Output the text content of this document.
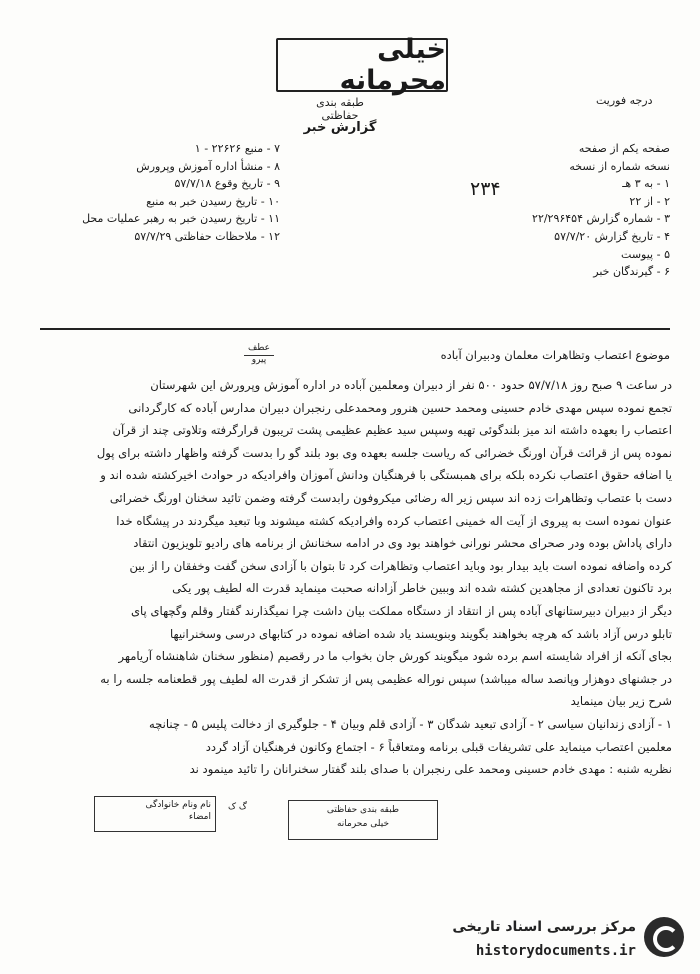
خیلی محرمانه
درجه فوریت
طبقه بندی حفاظتی
گزارش خبر
صفحه یکم از صفحه
نسخه شماره از نسخه
۱ - به ۳ هـ
۲ - از ۲۲
۳ - شماره گزارش ۲۲/۲۹۶۴۵۴
۴ - تاریخ گزارش ۵۷/۷/۲۰
۵ - پیوست
۶ - گیرندگان خبر
۲۳۴
۷ - منبع ۲۲۶۲۶ - ۱
۸ - منشأ اداره آموزش وپرورش
۹ - تاریخ وقوع ۵۷/۷/۱۸
۱۰ - تاریخ رسیدن خبر به منبع
۱۱ - تاریخ رسیدن خبر به رهبر عملیات محل
۱۲ - ملاحظات حفاظتی ۵۷/۷/۲۹
عطف
پیرو	موضوع اعتصاب وتظاهرات معلمان ودبیران آباده
در ساعت ۹ صبح روز ۵۷/۷/۱۸ حدود ۵۰۰ نفر از دبیران ومعلمین آباده در اداره آموزش وپرورش این شهرستان
تجمع نموده سپس مهدی خادم حسینی ومحمد حسین هنرور ومحمدعلی رنجبران دبیران مدارس آباده که کارگردانی
اعتصاب را بعهده داشته اند میز بلندگوئی تهیه وسپس سید عظیم عظیمی پشت تریبون قرارگرفته وتلاوتی چند از قرآن
نموده پس از قرائت قرآن اورنگ خضرائی که ریاست جلسه بعهده وی بود بلند گو را بدست گرفته واظهار داشته برای پول
یا اضافه حقوق اعتصاب نکرده بلکه برای همبستگی با فرهنگیان ودانش آموزان وافرادیکه در حوادث اخیرکشته شده اند و
دست با عتصاب وتظاهرات زده اند سپس زیر اله رضائی میکروفون رابدست گرفته وضمن تائید سخنان اورنگ خضرائی
عنوان نموده است به پیروی از آیت اله خمینی اعتصاب کرده وافرادیکه کشته میشوند وبا تبعید میگردند در پیشگاه خدا
دارای پاداش بوده ودر صحرای محشر نورانی خواهند بود وی در ادامه سخنانش از برنامه های رادیو تلویزیون انتقاد
کرده واضافه نموده است باید بیدار بود وباید اعتصاب وتظاهرات کرد تا بتوان با آزادی سخن گفت وخفقان را از بین
برد تاکنون تعدادی از مجاهدین کشته شده اند وببین خاطر آزادانه صحبت مینماید قدرت اله لطیف پور یکی
دیگر از دبیران دبیرستانهای آباده پس از انتقاد از دستگاه مملکت بیان داشت چرا نمیگذارند گفتار وقلم وگچهای پای
تابلو درس آزاد باشد که هرچه بخواهند بگویند وبنویسند یاد شده اضافه نموده در کتابهای درسی وسخنرانیها
بجای آنکه از افراد شایسته اسم برده شود میگویند کورش جان بخواب ما در رقصیم (منظور سخنان شاهنشاه آریامهر
در جشنهای دوهزار وپانصد ساله میباشد) سپس نوراله عظیمی پس از تشکر از قدرت اله لطیف پور قطعنامه جلسه را به
شرح زیر بیان مینماید
۱ - آزادی زندانیان سیاسی ۲ - آزادی تبعید شدگان ۳ - آزادی قلم وبیان ۴ - جلوگیری از دخالت پلیس ۵ - چنانچه
معلمین اعتصاب مینماید علی تشریفات قبلی برنامه ومتعاقباً ۶ - اجتماع وکانون فرهنگیان آزاد گردد
نظریه شنبه : مهدی خادم حسینی ومحمد علی رنجبران با صدای بلند گفتار سخنرانان را تائید مینمود ند
نام ونام خانوادگی
امضاء
گ ک	طبقه بندی حفاظتی
خیلی محرمانه
مرکز بررسی اسناد تاریخی
historydocuments.ir
